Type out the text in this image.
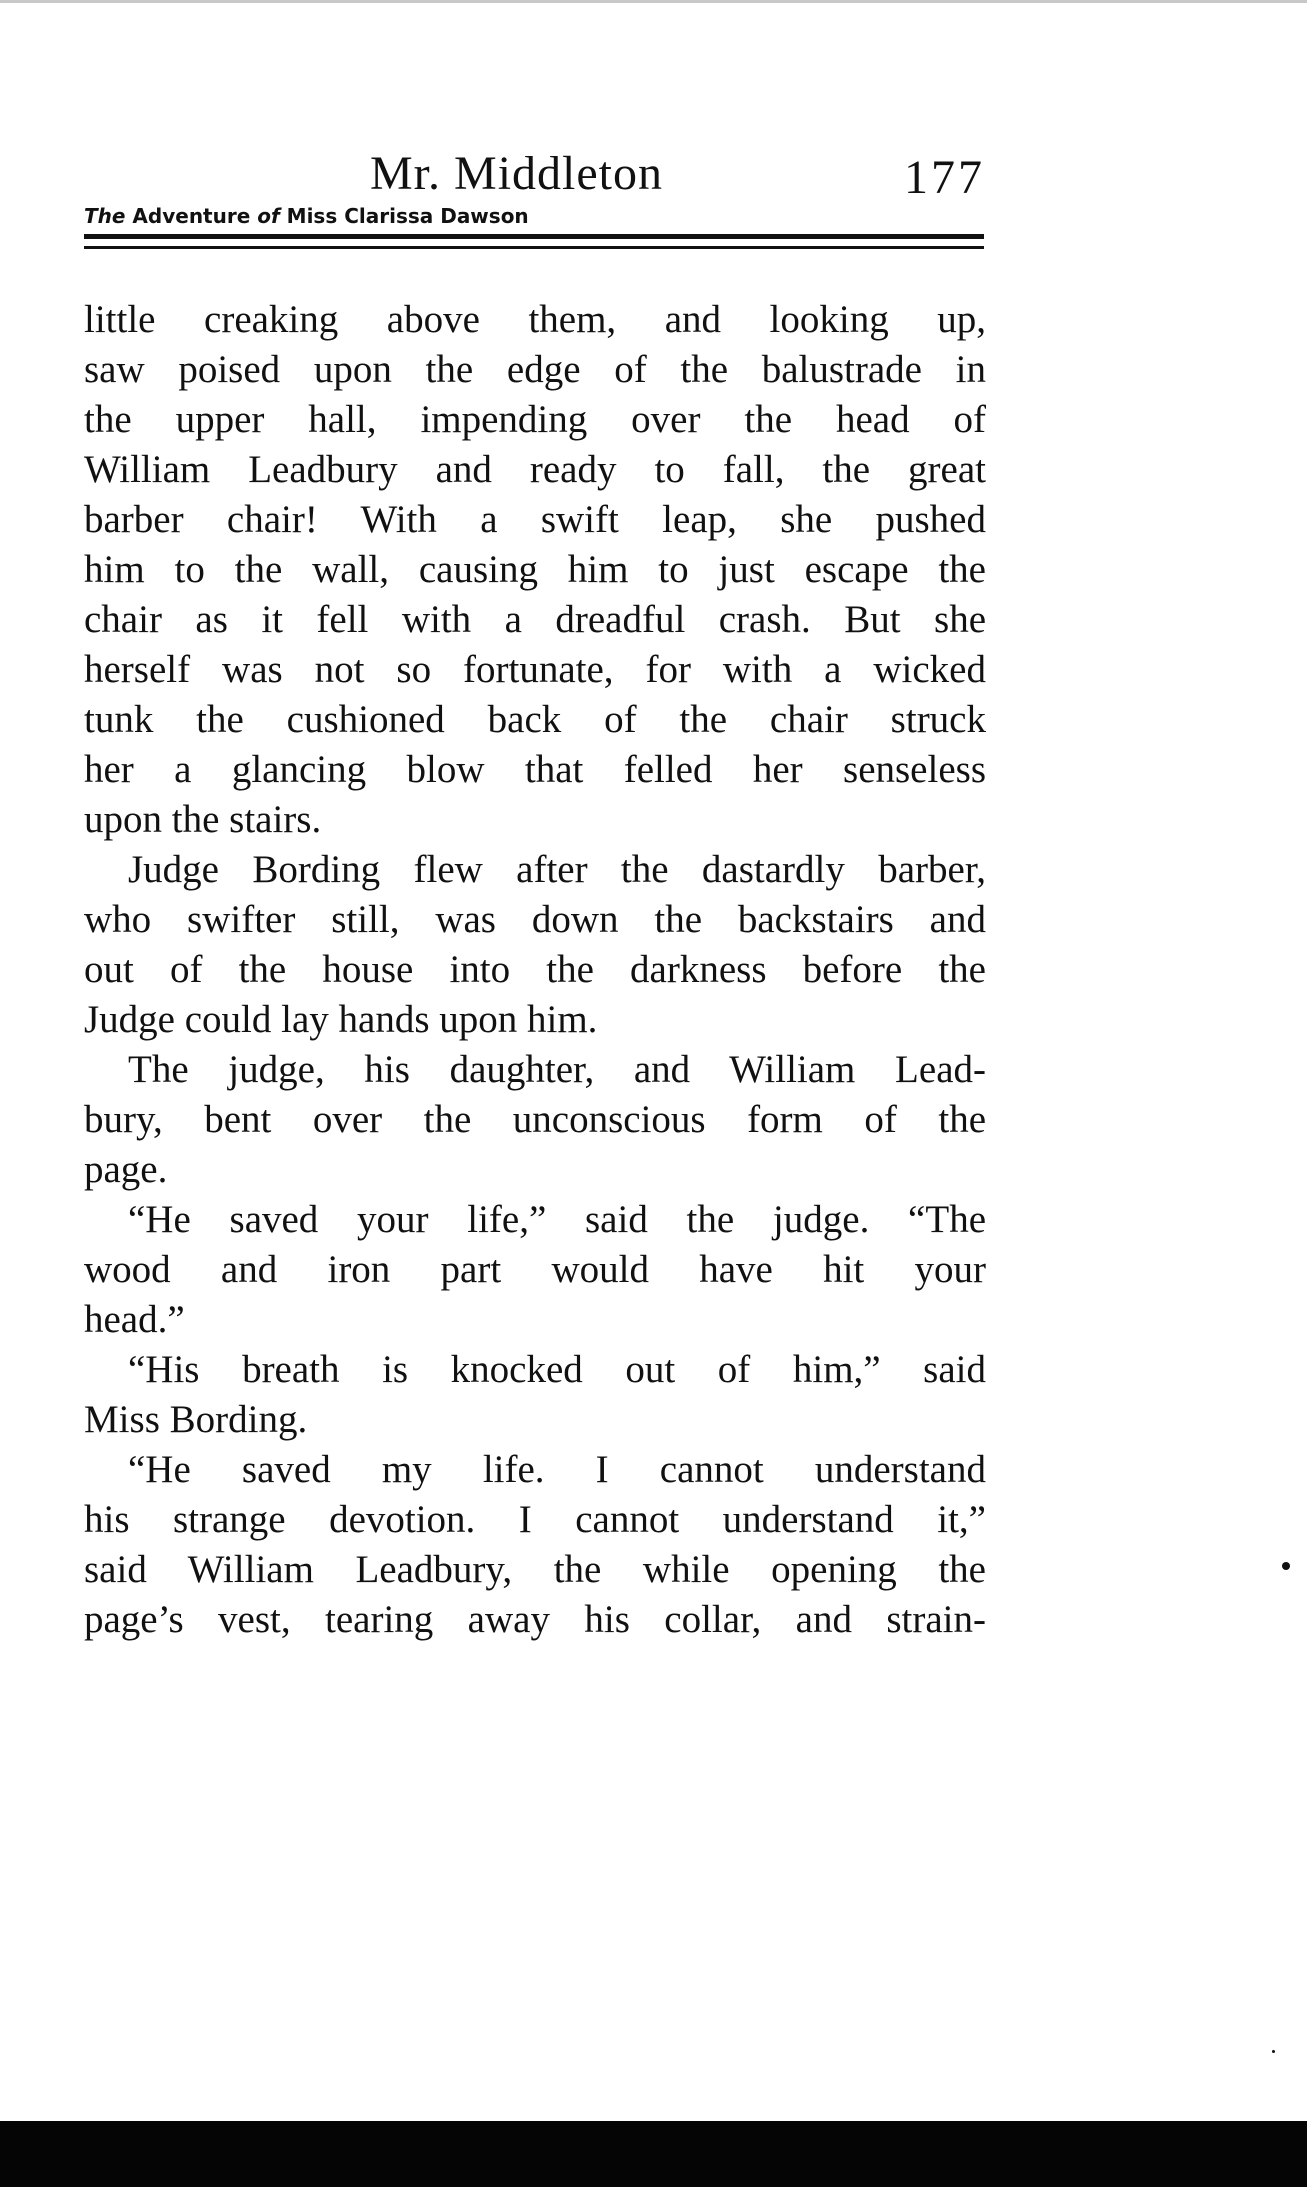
Mr. Middleton	177
The Adventure of Miss Clarissa Dawson
little creaking above them, and looking up,
saw poised upon the edge of the balustrade in
the upper hall, impending over the head of
William Leadbury and ready to fall, the great
barber chair! With a swift leap, she pushed
him to the wall, causing him to just escape the
chair as it fell with a dreadful crash. But she
herself was not so fortunate, for with a wicked
tunk the cushioned back of the chair struck
her a glancing blow that felled her senseless
upon the stairs.
Judge Bording flew after the dastardly barber,
who swifter still, was down the backstairs and
out of the house into the darkness before the
Judge could lay hands upon him.
The judge, his daughter, and William Lead-
bury, bent over the unconscious form of the
page.
“He saved your life,” said the judge. “The
wood and iron part would have hit your
head.”
“His breath is knocked out of him,” said
Miss Bording.
“He saved my life. I cannot understand
his strange devotion. I cannot understand it,”
said William Leadbury, the while opening the
page’s vest, tearing away his collar, and strain-
